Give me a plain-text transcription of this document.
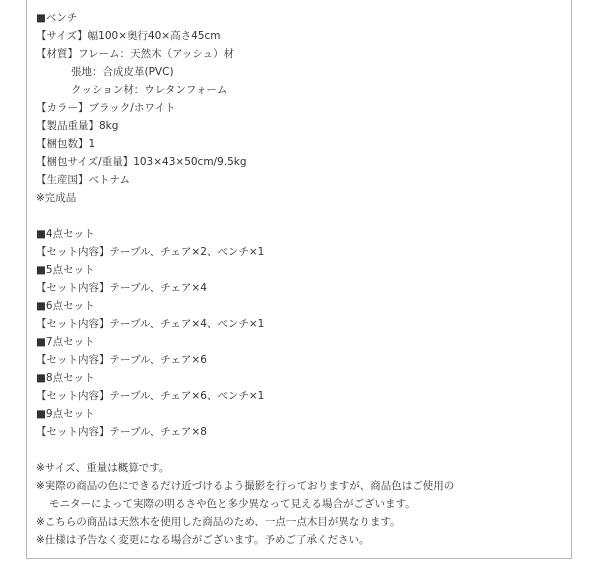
■ベンチ
【サイズ】幅100×奥行40×高さ45cm
【材質】フレーム：天然木（アッシュ）材
張地：合成皮革(PVC)
クッション材：ウレタンフォーム
【カラー】ブラック/ホワイト
【製品重量】8kg
【梱包数】1
【梱包サイズ/重量】103×43×50cm/9.5kg
【生産国】ベトナム
※完成品
■4点セット
【セット内容】テーブル、チェア×2、ベンチ×1
■5点セット
【セット内容】テーブル、チェア×4
■6点セット
【セット内容】テーブル、チェア×4、ベンチ×1
■7点セット
【セット内容】テーブル、チェア×6
■8点セット
【セット内容】テーブル、チェア×6、ベンチ×1
■9点セット
【セット内容】テーブル、チェア×8
※サイズ、重量は概算です。
※実際の商品の色にできるだけ近づけるよう撮影を行っておりますが、商品色はご使用の
モニターによって実際の明るさや色と多少異なって見える場合がございます。
※こちらの商品は天然木を使用した商品のため、一点一点木目が異なります。
※仕様は予告なく変更になる場合がございます。予めご了承ください。
